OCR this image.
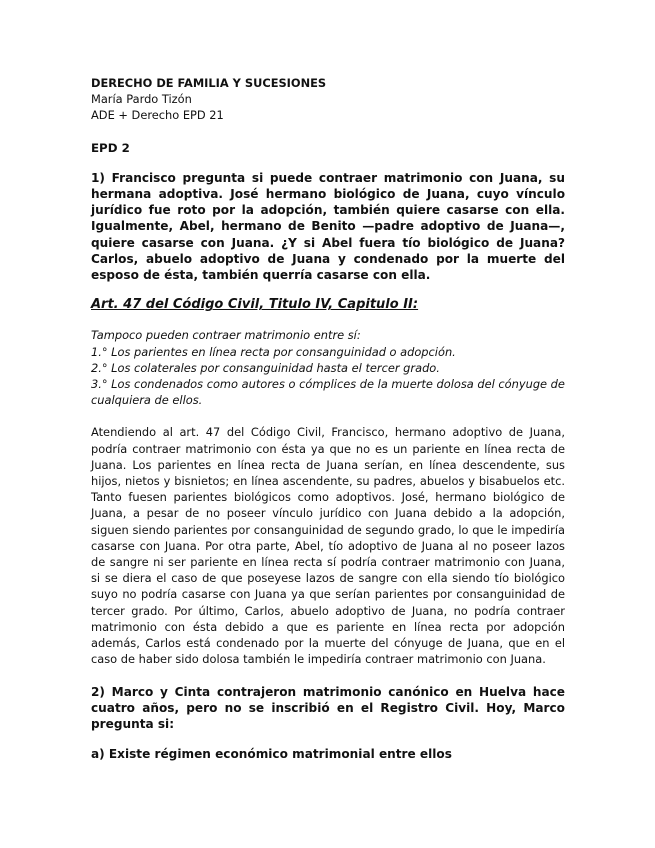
DERECHO DE FAMILIA Y SUCESIONES

María Pardo Tizón

ADE + Derecho EPD 21

EPD 2

1) Francisco pregunta si puede contraer matrimonio con Juana, su hermana adoptiva. José hermano biológico de Juana, cuyo vínculo jurídico fue roto por la adopción, también quiere casarse con ella. Igualmente, Abel, hermano de Benito —padre adoptivo de Juana—, quiere casarse con Juana. ¿Y si Abel fuera tío biológico de Juana? Carlos, abuelo adoptivo de Juana y condenado por la muerte del esposo de ésta, también querría casarse con ella.

Art. 47 del Código Civil, Titulo IV, Capitulo II:

Tampoco pueden contraer matrimonio entre sí:

1.° Los parientes en línea recta por consanguinidad o adopción.

2.° Los colaterales por consanguinidad hasta el tercer grado.

3.° Los condenados como autores o cómplices de la muerte dolosa del cónyuge de cualquiera de ellos.

Atendiendo al art. 47 del Código Civil, Francisco, hermano adoptivo de Juana, podría contraer matrimonio con ésta ya que no es un pariente en línea recta de Juana. Los parientes en línea recta de Juana serían, en línea descendente, sus hijos, nietos y bisnietos; en línea ascendente, su padres, abuelos y bisabuelos etc. Tanto fuesen parientes biológicos como adoptivos. José, hermano biológico de Juana, a pesar de no poseer vínculo jurídico con Juana debido a la adopción, siguen siendo parientes por consanguinidad de segundo grado, lo que le impediría casarse con Juana. Por otra parte, Abel, tío adoptivo de Juana al no poseer lazos de sangre ni ser pariente en línea recta sí podría contraer matrimonio con Juana, si se diera el caso de que poseyese lazos de sangre con ella siendo tío biológico suyo no podría casarse con Juana ya que serían parientes por consanguinidad de tercer grado. Por último, Carlos, abuelo adoptivo de Juana, no podría contraer matrimonio con ésta debido a que es pariente en línea recta por adopción además, Carlos está condenado por la muerte del cónyuge de Juana, que en el caso de haber sido dolosa también le impediría contraer matrimonio con Juana.

2) Marco y Cinta contrajeron matrimonio canónico en Huelva hace cuatro años, pero no se inscribió en el Registro Civil. Hoy, Marco pregunta si:

a) Existe régimen económico matrimonial entre ellos
